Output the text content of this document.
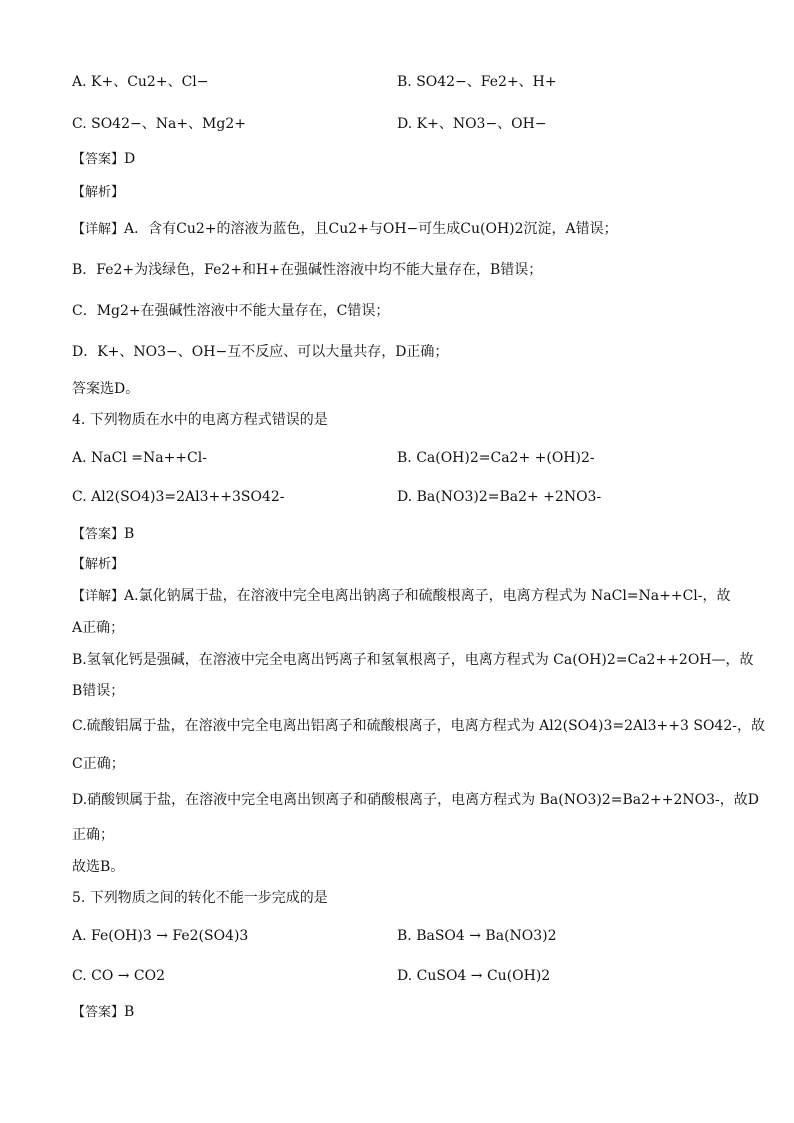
A. K+、Cu2+、Cl−	B. SO42−、Fe2+、H+
C. SO42−、Na+、Mg2+	D. K+、NO3−、OH−
【答案】D
【解析】
【详解】A．含有Cu2+的溶液为蓝色，且Cu2+与OH−可生成Cu(OH)2沉淀，A错误；
B．Fe2+为浅绿色，Fe2+和H+在强碱性溶液中均不能大量存在，B错误；
C．Mg2+在强碱性溶液中不能大量存在，C错误；
D．K+、NO3−、OH−互不反应、可以大量共存，D正确；
答案选D。
4. 下列物质在水中的电离方程式错误的是
A. NaCl =Na++Cl-	B. Ca(OH)2=Ca2+ +(OH)2-
C. Al2(SO4)3=2Al3++3SO42-	D. Ba(NO3)2=Ba2+ +2NO3-
【答案】B
【解析】
【详解】A.氯化钠属于盐，在溶液中完全电离出钠离子和硫酸根离子，电离方程式为 NaCl=Na++Cl-，故
A正确；
B.氢氧化钙是强碱，在溶液中完全电离出钙离子和氢氧根离子，电离方程式为 Ca(OH)2=Ca2++2OH—，故
B错误；
C.硫酸铝属于盐，在溶液中完全电离出铝离子和硫酸根离子，电离方程式为 Al2(SO4)3=2Al3++3 SO42-，故
C正确；
D.硝酸钡属于盐，在溶液中完全电离出钡离子和硝酸根离子，电离方程式为 Ba(NO3)2=Ba2++2NO3-，故D
正确；
故选B。
5. 下列物质之间的转化不能一步完成的是
A. Fe(OH)3 → Fe2(SO4)3	B. BaSO4 → Ba(NO3)2
C. CO → CO2	D. CuSO4 → Cu(OH)2
【答案】B
